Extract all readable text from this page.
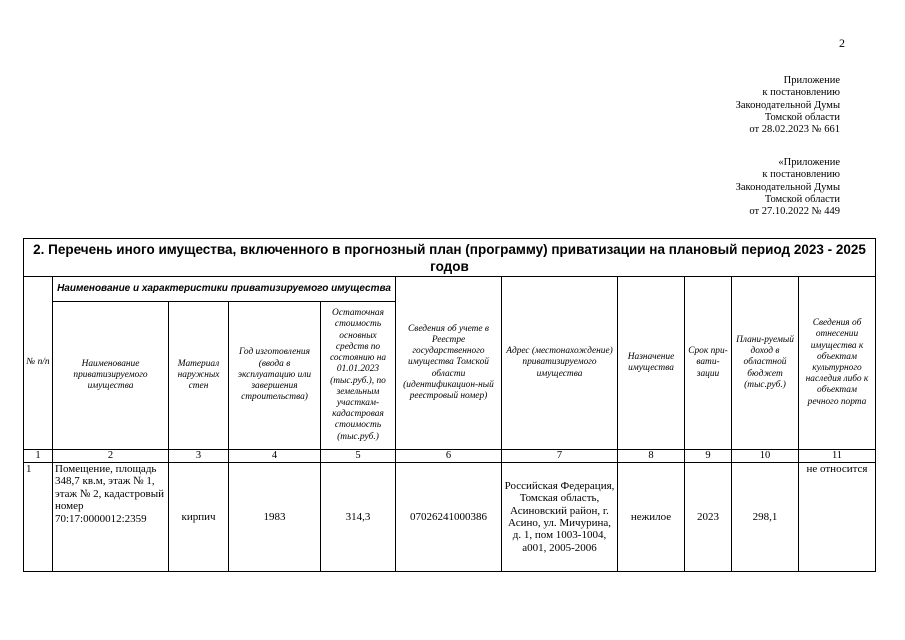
2
Приложение
к постановлению
Законодательной Думы
Томской области
от 28.02.2023 № 661
«Приложение
к постановлению
Законодательной Думы
Томской области
от 27.10.2022 № 449
2. Перечень иного имущества, включенного в прогнозный план (программу) приватизации на плановый период 2023 - 2025 годов										
№ п/п	Наименование и характеристики приватизируемого имущества				Сведения об учете в Реестре государственного имущества Томской области (идентификацион-ный реестровый номер)	Адрес (местонахождение) приватизируемого имущества	Назначение имущества	Срок при-вати-зации	Плани-руемый доход в областной бюджет (тыс.руб.)	Сведения об отнесении имущества к объектам культурного наследия либо к объектам речного порта
	Наименование приватизируемого имущества	Материал наружных стен	Год изготовления (ввода в эксплуатацию или завершения строительства)	Остаточная стоимость основных средств по состоянию на 01.01.2023 (тыс.руб.), по земельным участкам-кадастровая стоимость (тыс.руб.)						
1	2	3	4	5	6	7	8	9	10	11
1	Помещение, площадь 348,7 кв.м, этаж № 1, этаж № 2, кадастровый номер 70:17:0000012:2359	кирпич	1983	314,3	07026241000386	Российская Федерация, Томская область, Асиновский район, г. Асино, ул. Мичурина, д. 1, пом 1003-1004, а001, 2005-2006	нежилое	2023	298,1	не относится
